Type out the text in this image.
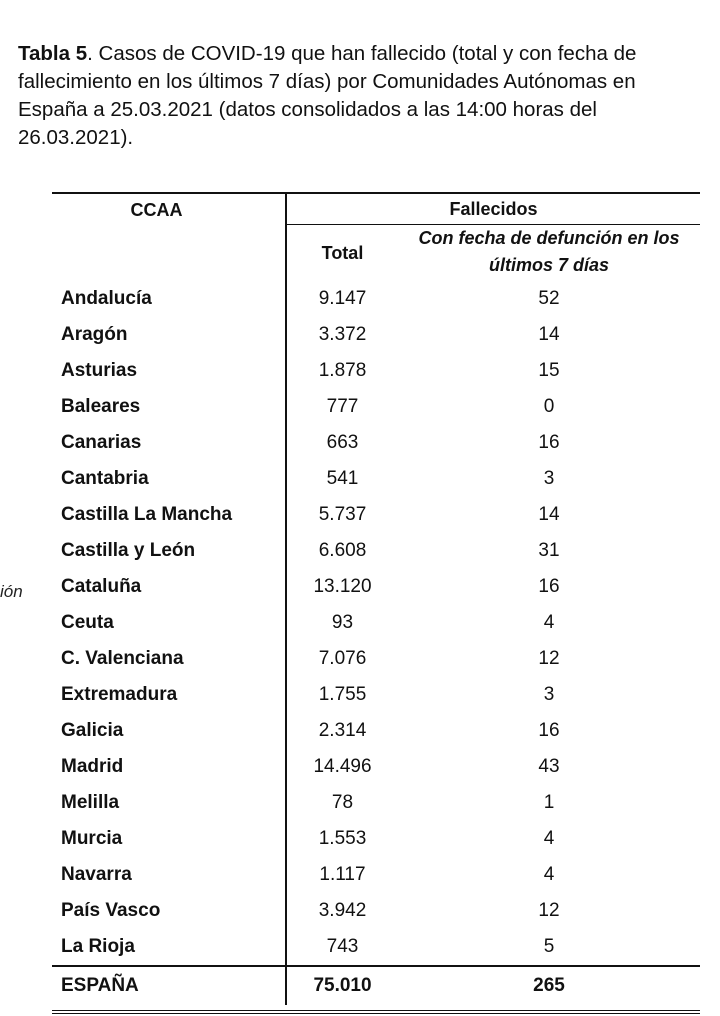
Tabla 5. Casos de COVID-19 que han fallecido (total y con fecha de fallecimiento en los últimos 7 días) por Comunidades Autónomas en España a 25.03.2021 (datos consolidados a las 14:00 horas del 26.03.2021).
ión

CCAA	Fallecidos	
	Total	Con fecha de defunción en los últimos 7 días

Andalucía	9.147	52
Aragón	3.372	14
Asturias	1.878	15
Baleares	777	0
Canarias	663	16
Cantabria	541	3
Castilla La Mancha	5.737	14
Castilla y León	6.608	31
Cataluña	13.120	16
Ceuta	93	4
C. Valenciana	7.076	12
Extremadura	1.755	3
Galicia	2.314	16
Madrid	14.496	43
Melilla	78	1
Murcia	1.553	4
Navarra	1.117	4
País Vasco	3.942	12
La Rioja	743	5
ESPAÑA	75.010	265
